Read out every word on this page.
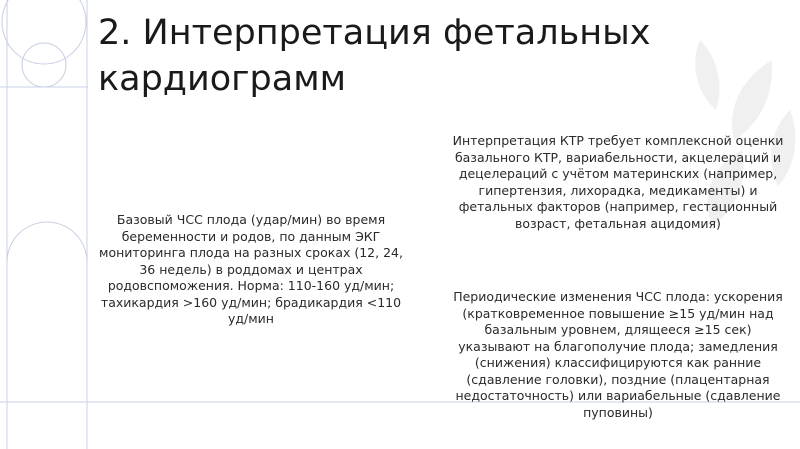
2. Интерпретация фетальных кардиограмм

Базовый ЧСС плода (удар/мин) во время беременности и родов, по данным ЭКГ мониторинга плода на разных сроках (12, 24, 36 недель) в роддомах и центрах родовспоможения. Норма: 110-160 уд/мин; тахикардия >160 уд/мин; брадикардия <110 уд/мин

Интерпретация КТР требует комплексной оценки базального КТР, вариабельности, акцелераций и децелераций с учётом материнских (например, гипертензия, лихорадка, медикаменты) и фетальных факторов (например, гестационный возраст, фетальная ацидомия)

Периодические изменения ЧСС плода: ускорения (кратковременное повышение ≥15 уд/мин над базальным уровнем, длящееся ≥15 сек) указывают на благополучие плода; замедления (снижения) классифицируются как ранние (сдавление головки), поздние (плацентарная недостаточность) или вариабельные (сдавление пуповины)
